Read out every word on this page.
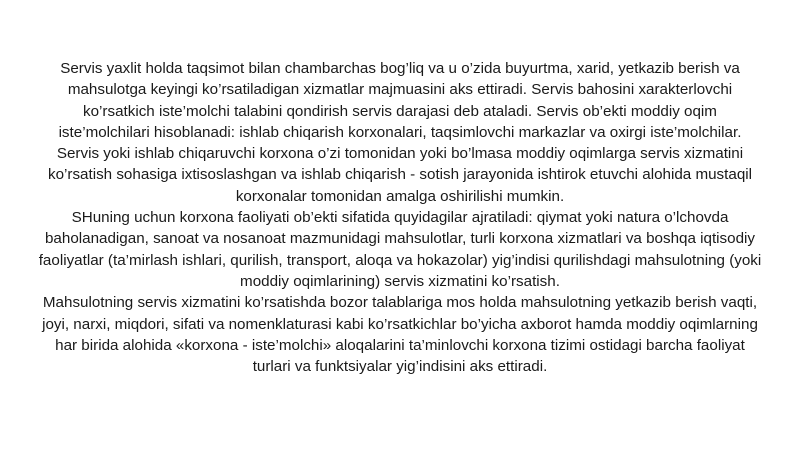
Servis yaxlit holda taqsimot bilan chambarchas bog’liq va u o’zida buyurtma, xarid, yetkazib berish va mahsulotga keyingi ko’rsatiladigan xizmatlar majmuasini aks ettiradi. Servis bahosini xarakterlovchi ko’rsatkich iste’molchi talabini qondirish servis darajasi deb ataladi. Servis ob’ekti moddiy oqim iste’molchilari hisoblanadi: ishlab chiqarish korxonalari, taqsimlovchi markazlar va oxirgi iste’molchilar. Servis yoki ishlab chiqaruvchi korxona o’zi tomonidan yoki bo’lmasa moddiy oqimlarga servis xizmatini ko’rsatish sohasiga ixtisoslashgan va ishlab chiqarish - sotish jarayonida ishtirok etuvchi alohida mustaqil korxonalar tomonidan amalga oshirilishi mumkin.

SHuning uchun korxona faoliyati ob’ekti sifatida quyidagilar ajratiladi: qiymat yoki natura o’lchovda baholanadigan, sanoat va nosanoat mazmunidagi mahsulotlar, turli korxona xizmatlari va boshqa iqtisodiy faoliyatlar (ta’mirlash ishlari, qurilish, transport, aloqa va hokazolar) yig’indisi qurilishdagi mahsulotning (yoki moddiy oqimlarining) servis xizmatini ko’rsatish.

Mahsulotning servis xizmatini ko’rsatishda bozor talablariga mos holda mahsulotning yetkazib berish vaqti, joyi, narxi, miqdori, sifati va nomenklaturasi kabi ko’rsatkichlar bo’yicha axborot hamda moddiy oqimlarning har birida alohida «korxona - iste’molchi» aloqalarini ta’minlovchi korxona tizimi ostidagi barcha faoliyat turlari va funktsiyalar yig’indisini aks ettiradi.
